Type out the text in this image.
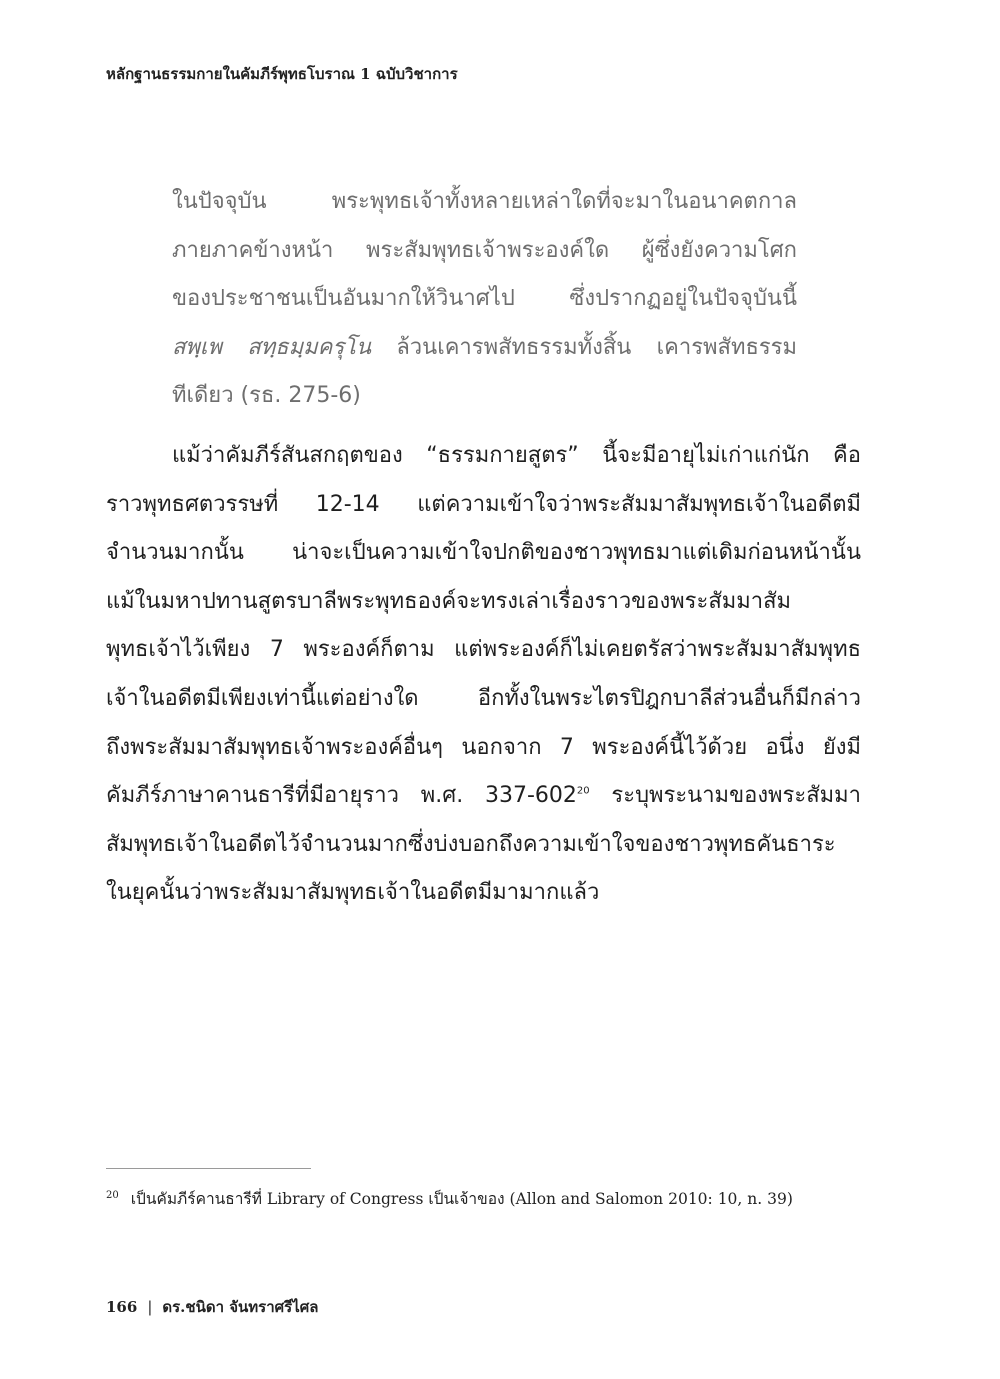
หลักฐานธรรมกายในคัมภีร์พุทธโบราณ 1 ฉบับวิชาการ
ในปัจจุบัน พระพุทธเจ้าทั้งหลายเหล่าใดที่จะมาในอนาคตกาล
ภายภาคข้างหน้า พระสัมพุทธเจ้าพระองค์ใด ผู้ซึ่งยังความโศก
ของประชาชนเป็นอันมากให้วินาศไป ซึ่งปรากฏอยู่ในปัจจุบันนี้
สพฺเพ สทฺธมฺมครุโน ล้วนเคารพสัทธรรมทั้งสิ้น เคารพสัทธรรม
ทีเดียว (รธ. 275-6)
แม้ว่าคัมภีร์สันสกฤตของ “ธรรมกายสูตร” นี้จะมีอายุไม่เก่าแก่นัก คือ
ราวพุทธศตวรรษที่ 12-14 แต่ความเข้าใจว่าพระสัมมาสัมพุทธเจ้าในอดีตมี
จำนวนมากนั้น น่าจะเป็นความเข้าใจปกติของชาวพุทธมาแต่เดิมก่อนหน้านั้น
แม้ในมหาปทานสูตรบาลีพระพุทธองค์จะทรงเล่าเรื่องราวของพระสัมมาสัม
พุทธเจ้าไว้เพียง 7 พระองค์ก็ตาม แต่พระองค์ก็ไม่เคยตรัสว่าพระสัมมาสัมพุทธ
เจ้าในอดีตมีเพียงเท่านี้แต่อย่างใด อีกทั้งในพระไตรปิฎกบาลีส่วนอื่นก็มีกล่าว
ถึงพระสัมมาสัมพุทธเจ้าพระองค์อื่นๆ นอกจาก 7 พระองค์นี้ไว้ด้วย อนึ่ง ยังมี
คัมภีร์ภาษาคานธารีที่มีอายุราว พ.ศ. 337-602$^{20}$ ระบุพระนามของพระสัมมา
สัมพุทธเจ้าในอดีตไว้จำนวนมากซึ่งบ่งบอกถึงความเข้าใจของชาวพุทธคันธาระ
ในยุคนั้นว่าพระสัมมาสัมพุทธเจ้าในอดีตมีมามากแล้ว
$^{20}$ เป็นคัมภีร์คานธารีที่ Library of Congress เป็นเจ้าของ (Allon and Salomon 2010: 10, n. 39)
166 | ดร.ชนิดา จันทราศรีไศล
